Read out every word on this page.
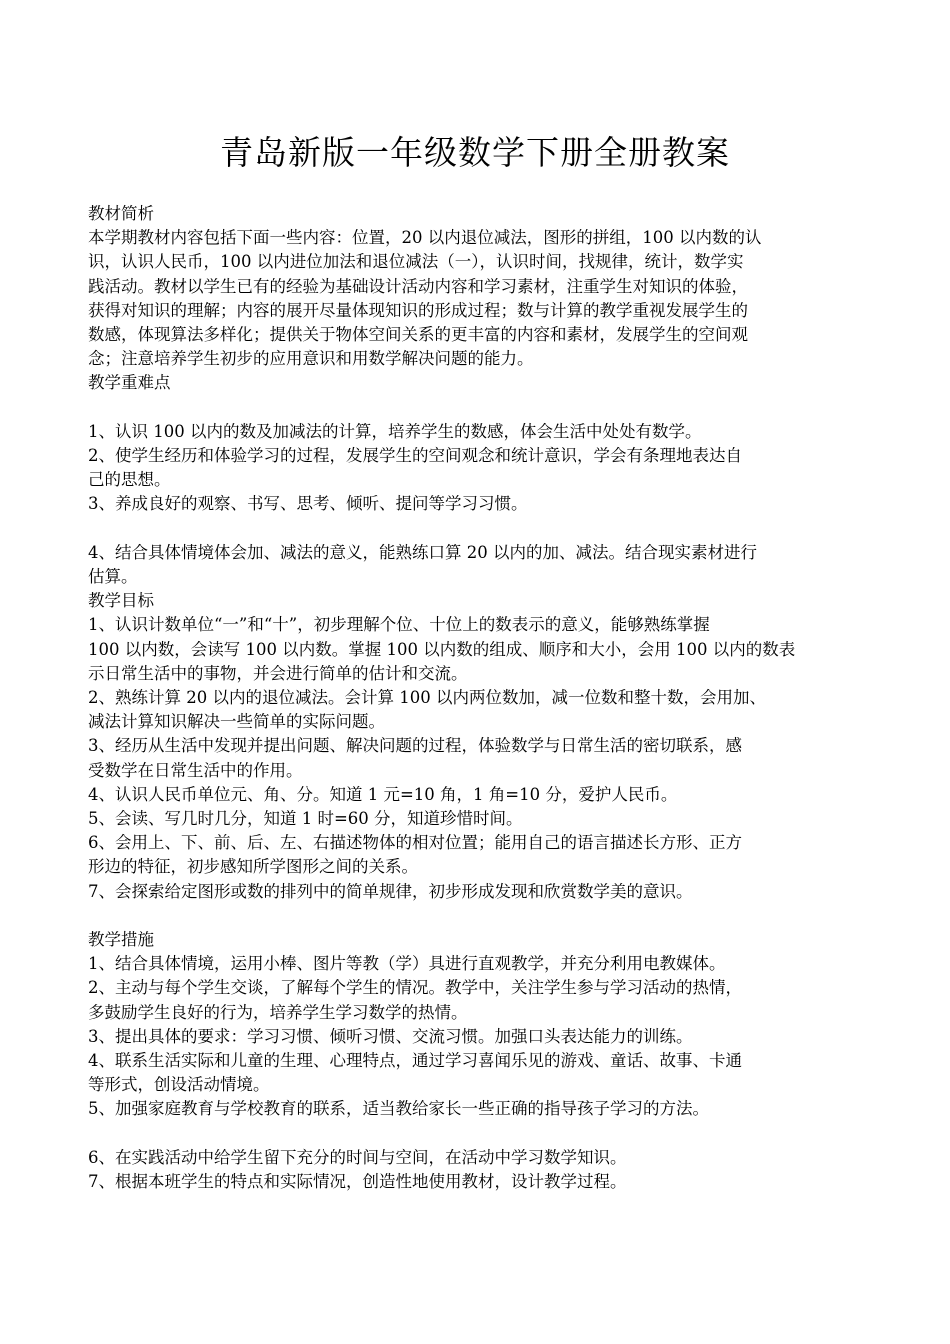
青岛新版一年级数学下册全册教案

教材简析

本学期教材内容包括下面一些内容：位置，20 以内退位减法，图形的拼组，100 以内数的认

识，认识人民币，100 以内进位加法和退位减法（一），认识时间，找规律，统计，数学实

践活动。教材以学生已有的经验为基础设计活动内容和学习素材，注重学生对知识的体验，

获得对知识的理解；内容的展开尽量体现知识的形成过程；数与计算的教学重视发展学生的

数感，体现算法多样化；提供关于物体空间关系的更丰富的内容和素材，发展学生的空间观

念；注意培养学生初步的应用意识和用数学解决问题的能力。

教学重难点

1、认识 100 以内的数及加减法的计算，培养学生的数感，体会生活中处处有数学。

2、使学生经历和体验学习的过程，发展学生的空间观念和统计意识，学会有条理地表达自

己的思想。

3、养成良好的观察、书写、思考、倾听、提问等学习习惯。

4、结合具体情境体会加、减法的意义，能熟练口算 20 以内的加、减法。结合现实素材进行

估算。

教学目标

1、认识计数单位“一”和“十”，初步理解个位、十位上的数表示的意义，能够熟练掌握

100 以内数，会读写 100 以内数。掌握 100 以内数的组成、顺序和大小，会用 100 以内的数表

示日常生活中的事物，并会进行简单的估计和交流。

2、熟练计算 20 以内的退位减法。会计算 100 以内两位数加，减一位数和整十数，会用加、

减法计算知识解决一些简单的实际问题。

3、经历从生活中发现并提出问题、解决问题的过程，体验数学与日常生活的密切联系，感

受数学在日常生活中的作用。

4、认识人民币单位元、角、分。知道 1 元=10 角，1 角=10 分，爱护人民币。

5、会读、写几时几分，知道 1 时=60 分，知道珍惜时间。

6、会用上、下、前、后、左、右描述物体的相对位置；能用自己的语言描述长方形、正方

形边的特征，初步感知所学图形之间的关系。

7、会探索给定图形或数的排列中的简单规律，初步形成发现和欣赏数学美的意识。

教学措施

1、结合具体情境，运用小棒、图片等教（学）具进行直观教学，并充分利用电教媒体。

2、主动与每个学生交谈，了解每个学生的情况。教学中，关注学生参与学习活动的热情，

多鼓励学生良好的行为，培养学生学习数学的热情。

3、提出具体的要求：学习习惯、倾听习惯、交流习惯。加强口头表达能力的训练。

4、联系生活实际和儿童的生理、心理特点，通过学习喜闻乐见的游戏、童话、故事、卡通

等形式，创设活动情境。

5、加强家庭教育与学校教育的联系，适当教给家长一些正确的指导孩子学习的方法。

6、在实践活动中给学生留下充分的时间与空间，在活动中学习数学知识。

7、根据本班学生的特点和实际情况，创造性地使用教材，设计教学过程。
